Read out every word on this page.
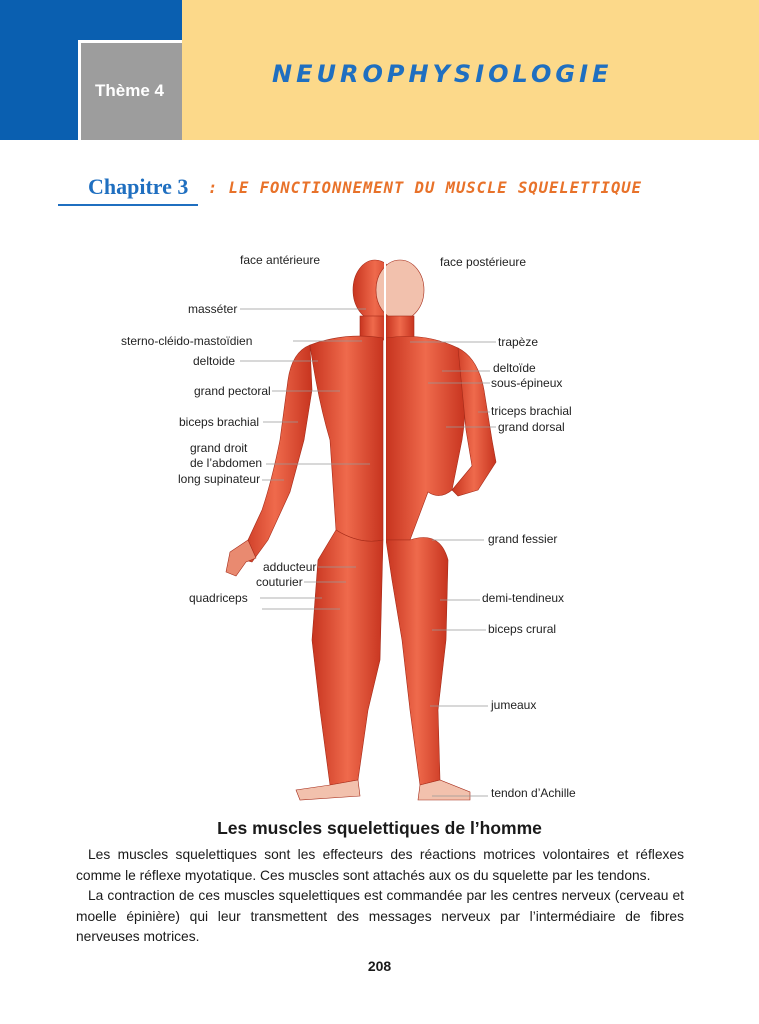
Thème 4
NEUROPHYSIOLOGIE
Chapitre 3 : LE FONCTIONNEMENT DU MUSCLE SQUELETTIQUE
face antérieure	face postérieure
masséter
sterno-cléido-mastoïdien
deltoide
grand pectoral
biceps brachial
grand droit
de l’abdomen
long supinateur
adducteur
couturier
quadriceps
trapèze
deltoïde
sous-épineux
triceps brachial
grand dorsal
grand fessier
demi-tendineux
biceps crural
jumeaux
tendon d’Achille
Les muscles squelettiques de l’homme

Les muscles squelettiques sont les effecteurs des réactions motrices volontaires et réflexes comme le réflexe myotatique. Ces muscles sont attachés aux os du squelette par les tendons.

La contraction de ces muscles squelettiques est commandée par les centres nerveux (cerveau et moelle épinière) qui leur transmettent des messages nerveux par l’intermédiaire de fibres nerveuses motrices.

208
